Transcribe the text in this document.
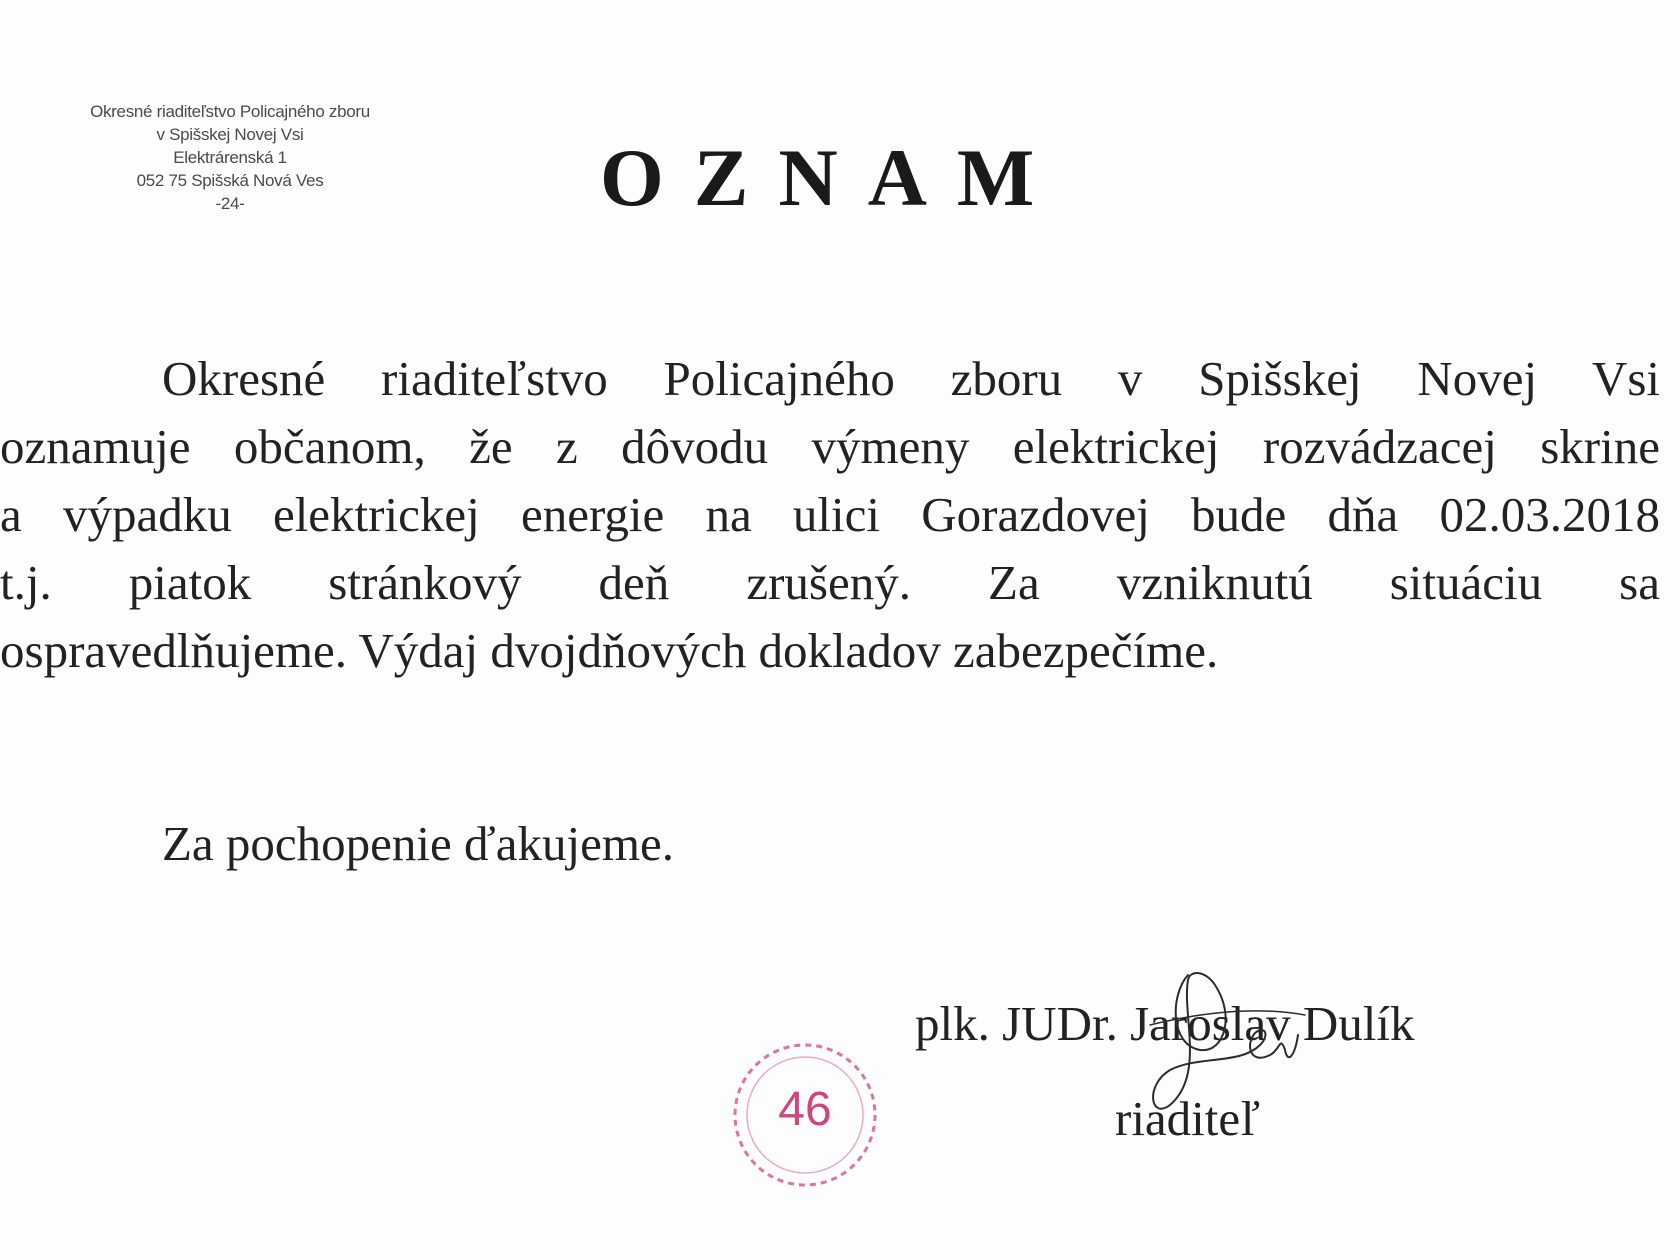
Okresné riaditeľstvo Policajného zboru
v Spišskej Novej Vsi
Elektrárenská 1
052 75 Spišská Nová Ves
-24-	OZNAM
Okresné riaditeľstvo Policajného zboru v Spišskej Novej Vsi
oznamuje občanom, že z dôvodu výmeny elektrickej rozvádzacej skrine
a výpadku elektrickej energie na ulici Gorazdovej bude dňa 02.03.2018
t.j. piatok stránkový deň zrušený. Za vzniknutú situáciu sa
ospravedlňujeme. Výdaj dvojdňových dokladov zabezpečíme.
Za pochopenie ďakujeme.
46
plk. JUDr. Jaroslav Dulík
riaditeľ
